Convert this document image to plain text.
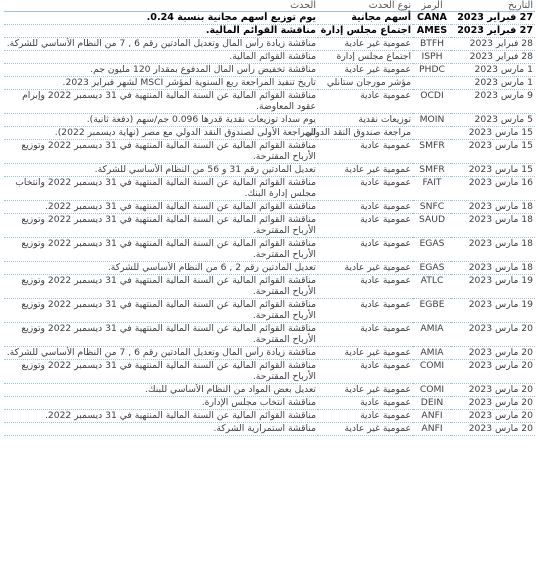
التاريخ	الرمز	نوع الحدث	الحدث
27 فبراير 2023	CANA	أسهم مجانية	يوم توزيع أسهم مجانية بنسبة 0.24.
27 فبراير 2023	AMES	اجتماع مجلس إدارة	مناقشة القوائم المالية.
28 فبراير 2023	BTFH	عمومية غير عادية	مناقشة زيادة رأس المال وتعديل المادتين رقم 6 , 7 من النظام الأساسي للشركة.
28 فبراير 2023	ISPH	اجتماع مجلس إدارة	مناقشة القوائم المالية.
1 مارس 2023	PHDC	عمومية غير عادية	مناقشة تخفيض رأس المال المدفوع بمقدار 120 مليون جم.
1 مارس 2023		مؤشر مورجان ستانلي	تاريخ تنفيذ المراجعة ربع السنوية لمؤشر MSCI لشهر فبراير 2023.
9 مارس 2023	OCDI	عمومية عادية	مناقشة القوائم المالية عن السنة المالية المنتهية في 31 ديسمبر 2022 وإبرام عقود المعاوضة.
5 مارس 2023	MOIN	توزيعات نقدية	يوم سداد توزيعات نقدية قدرها 0.096 جم/سهم (دفعة ثانية).
15 مارس 2023		مراجعة صندوق النقد الدولي	المراجعة الأولى لصندوق النقد الدولي مع مصر (نهاية ديسمبر 2022).
15 مارس 2023	SMFR	عمومية عادية	مناقشة القوائم المالية عن السنة المالية المنتهية في 31 ديسمبر 2022 وتوزيع الأرباح المقترحة.
15 مارس 2023	SMFR	عمومية غير عادية	تعديل المادتين رقم 31 و 56 من النظام الأساسي للشركة.
16 مارس 2023	FAIT	عمومية عادية	مناقشة القوائم المالية عن السنة المالية المنتهية في 31 ديسمبر 2022 وانتخاب مجلس إدارة البنك.
18 مارس 2023	SNFC	عمومية عادية	مناقشة القوائم المالية عن السنة المالية المنتهية في 31 ديسمبر 2022.
18 مارس 2023	SAUD	عمومية عادية	مناقشة القوائم المالية عن السنة المالية المنتهية في 31 ديسمبر 2022 وتوزيع الأرباح المقترحة.
18 مارس 2023	EGAS	عمومية عادية	مناقشة القوائم المالية عن السنة المالية المنتهية في 31 ديسمبر 2022 وتوزيع الأرباح المقترحة.
18 مارس 2023	EGAS	عمومية غير عادية	تعديل المادتين رقم 2 , 6 من النظام الأساسي للشركة.
19 مارس 2023	ATLC	عمومية عادية	مناقشة القوائم المالية عن السنة المالية المنتهية في 31 ديسمبر 2022 وتوزيع الأرباح المقترحة.
19 مارس 2023	EGBE	عمومية عادية	مناقشة القوائم المالية عن السنة المالية المنتهية في 31 ديسمبر 2022 وتوزيع الأرباح المقترحة.
20 مارس 2023	AMIA	عمومية عادية	مناقشة القوائم المالية عن السنة المالية المنتهية في 31 ديسمبر 2022 وتوزيع الأرباح المقترحة.
20 مارس 2023	AMIA	عمومية غير عادية	مناقشة زيادة رأس المال وتعديل المادتين رقم 6 , 7 من النظام الأساسي للشركة.
20 مارس 2023	COMI	عمومية عادية	مناقشة القوائم المالية عن السنة المالية المنتهية في 31 ديسمبر 2022 وتوزيع الأرباح المقترحة.
20 مارس 2023	COMI	عمومية غير عادية	تعديل بعض المواد من النظام الأساسي للبنك.
20 مارس 2023	DEIN	عمومية عادية	مناقشة انتخاب مجلس الإدارة.
20 مارس 2023	ANFI	عمومية عادية	مناقشة القوائم المالية عن السنة المالية المنتهية في 31 ديسمبر 2022.
20 مارس 2023	ANFI	عمومية غير عادية	مناقشة استمرارية الشركة.
